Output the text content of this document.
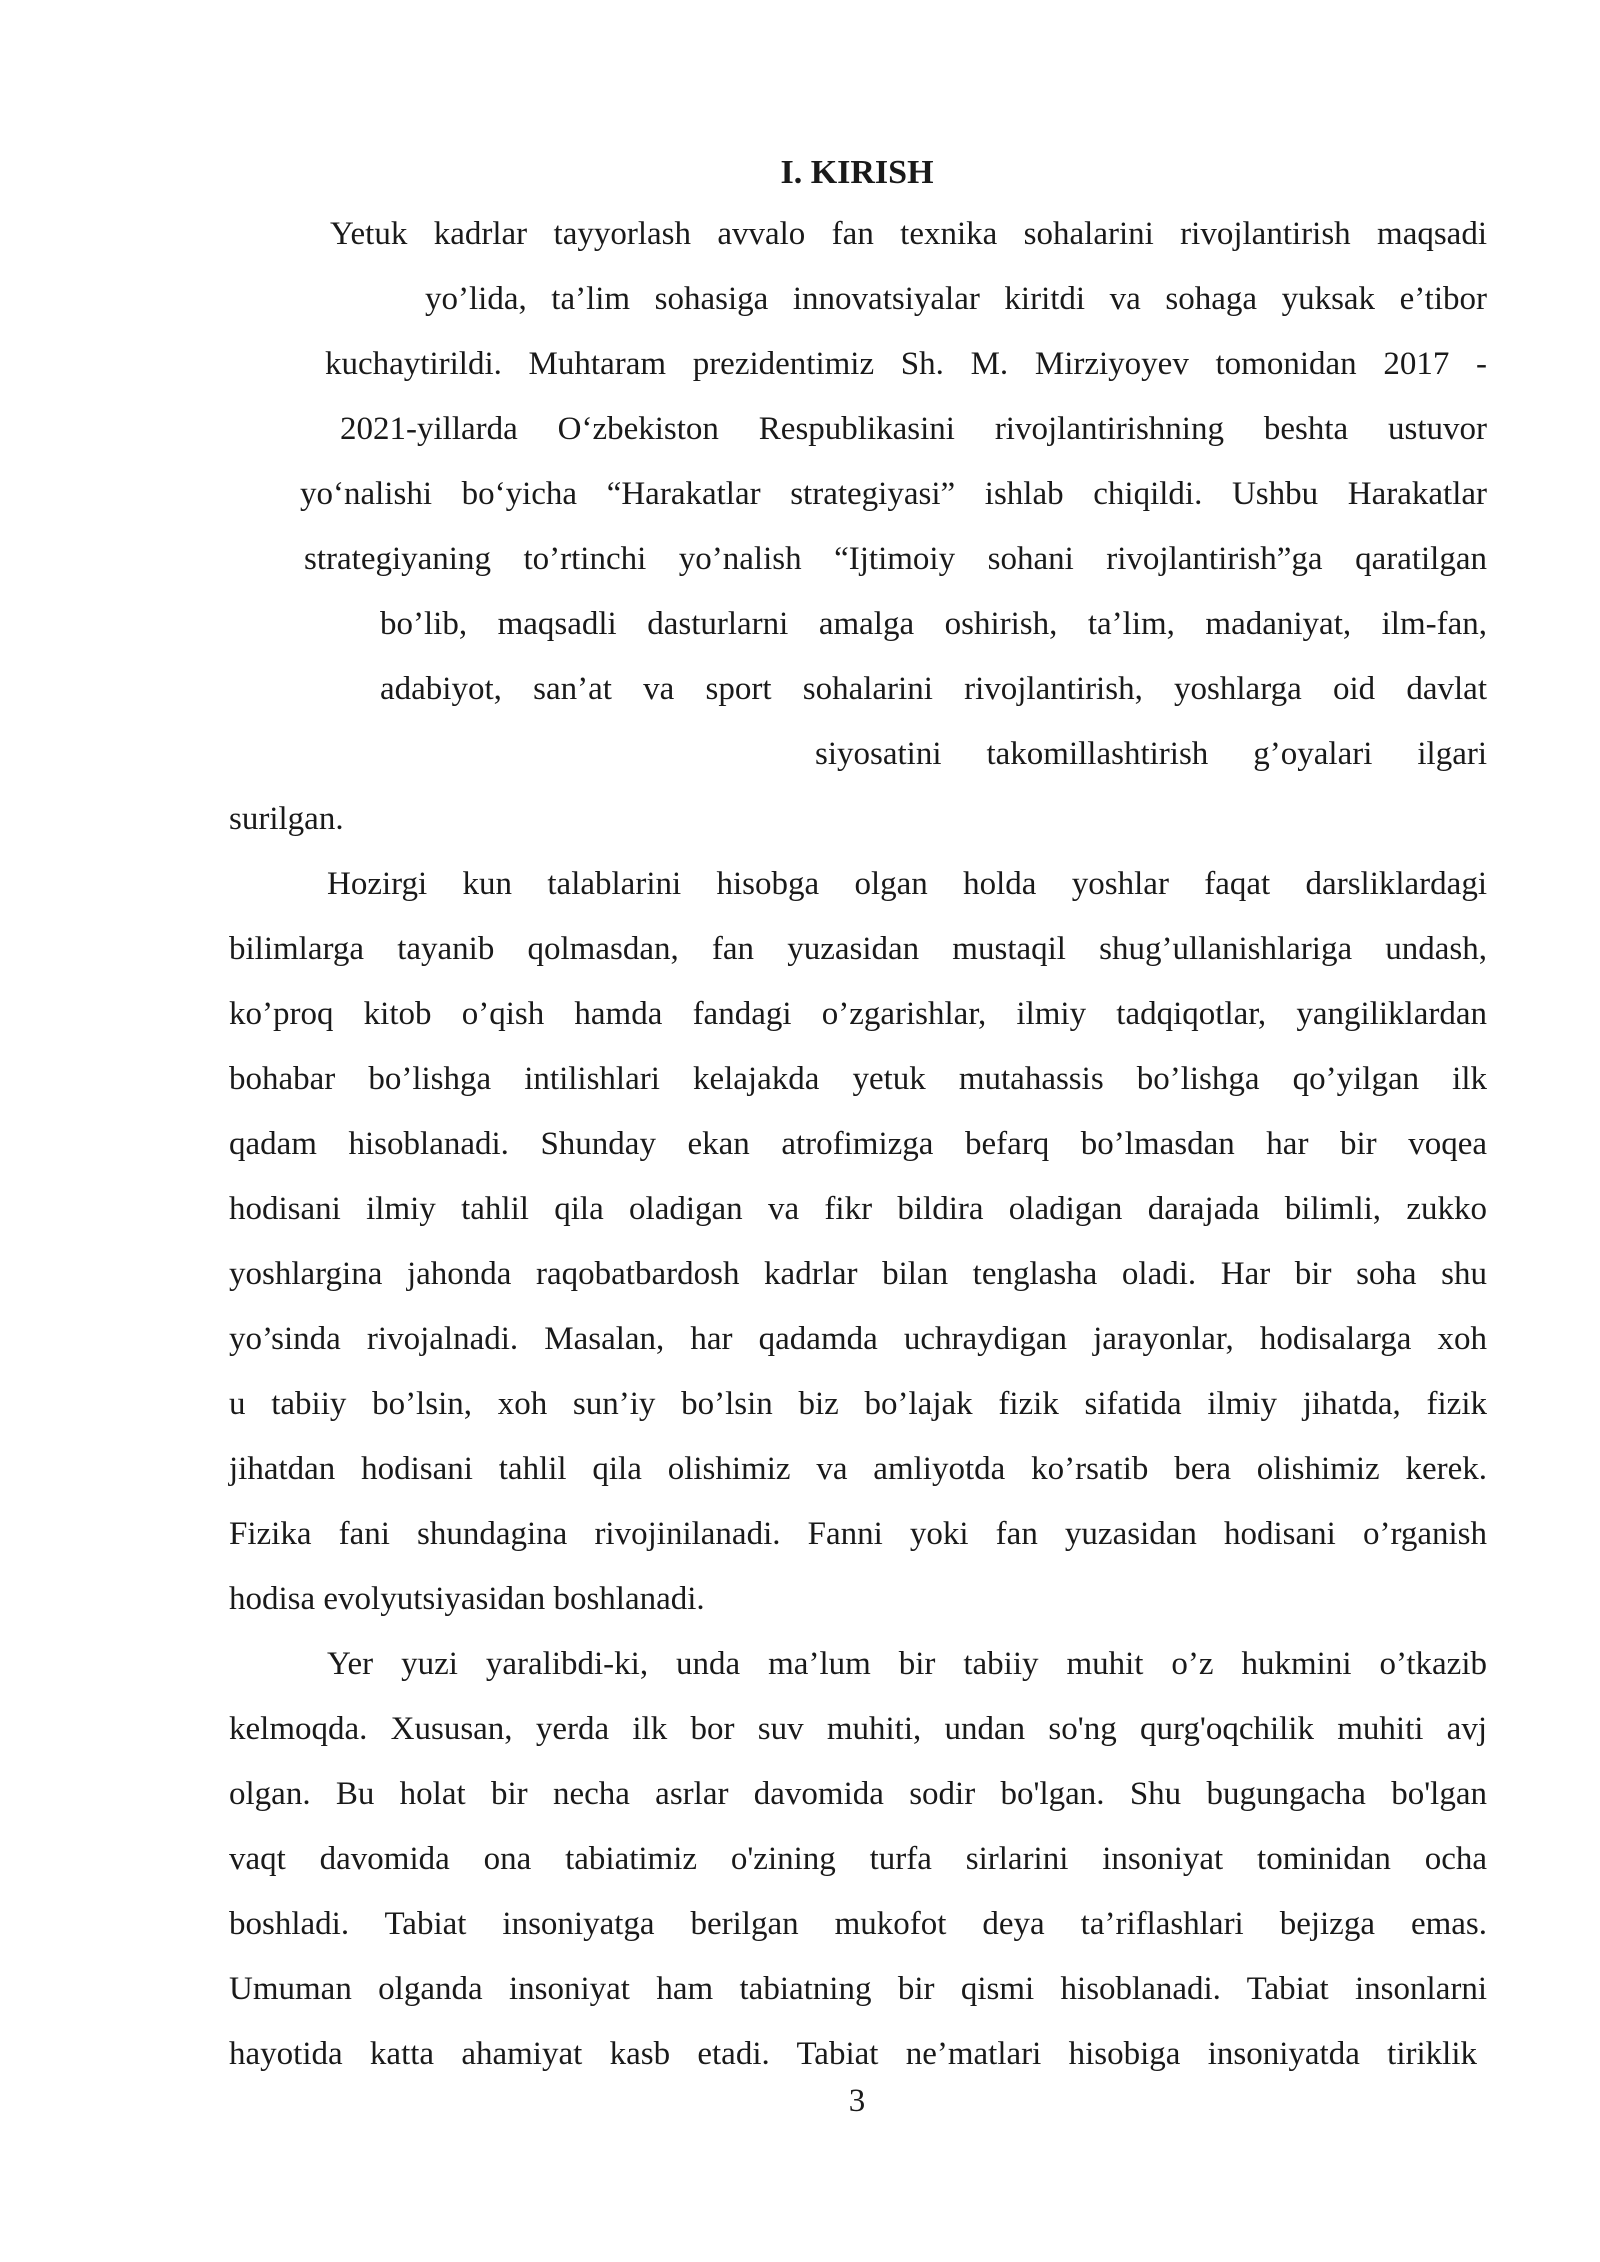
I. KIRISH

Yetuk kadrlar tayyorlash avvalo fan texnika sohalarini rivojlantirish maqsadi

yo’lida, ta’lim sohasiga innovatsiyalar kiritdi va sohaga yuksak e’tibor

kuchaytirildi. Muhtaram prezidentimiz Sh. M. Mirziyoyev tomonidan 2017 -

2021-yillarda O‘zbekiston Respublikasini rivojlantirishning beshta ustuvor

yo‘nalishi bo‘yicha “Harakatlar strategiyasi” ishlab chiqildi. Ushbu Harakatlar

strategiyaning to’rtinchi yo’nalish “Ijtimoiy sohani rivojlantirish”ga qaratilgan

bo’lib, maqsadli dasturlarni amalga oshirish, ta’lim, madaniyat, ilm-fan,

adabiyot, san’at va sport sohalarini rivojlantirish, yoshlarga oid davlat

siyosatini takomillashtirish g’oyalari ilgari

surilgan.

Hozirgi kun talablarini hisobga olgan holda yoshlar faqat darsliklardagi

bilimlarga tayanib qolmasdan, fan yuzasidan mustaqil shug’ullanishlariga undash,

ko’proq kitob o’qish hamda fandagi o’zgarishlar, ilmiy tadqiqotlar, yangiliklardan

bohabar bo’lishga intilishlari kelajakda yetuk mutahassis bo’lishga qo’yilgan ilk

qadam hisoblanadi. Shunday ekan atrofimizga befarq bo’lmasdan har bir voqea

hodisani ilmiy tahlil qila oladigan va fikr bildira oladigan darajada bilimli, zukko

yoshlargina jahonda raqobatbardosh kadrlar bilan tenglasha oladi. Har bir soha shu

yo’sinda rivojalnadi. Masalan, har qadamda uchraydigan jarayonlar, hodisalarga xoh

u tabiiy bo’lsin, xoh sun’iy bo’lsin biz bo’lajak fizik sifatida ilmiy jihatda, fizik

jihatdan hodisani tahlil qila olishimiz va amliyotda ko’rsatib bera olishimiz kerek.

Fizika fani shundagina rivojinilanadi. Fanni yoki fan yuzasidan hodisani o’rganish

hodisa evolyutsiyasidan boshlanadi.

Yer yuzi yaralibdi-ki, unda ma’lum bir tabiiy muhit o’z hukmini o’tkazib

kelmoqda. Xususan, yerda ilk bor suv muhiti, undan so'ng qurg'oqchilik muhiti avj

olgan. Bu holat bir necha asrlar davomida sodir bo'lgan. Shu bugungacha bo'lgan

vaqt davomida ona tabiatimiz o'zining turfa sirlarini insoniyat tominidan ocha

boshladi. Tabiat insoniyatga berilgan mukofot deya ta’riflashlari bejizga emas.

Umuman olganda insoniyat ham tabiatning bir qismi hisoblanadi. Tabiat insonlarni

hayotida katta ahamiyat kasb etadi. Tabiat ne’matlari hisobiga insoniyatda tiriklik

3
